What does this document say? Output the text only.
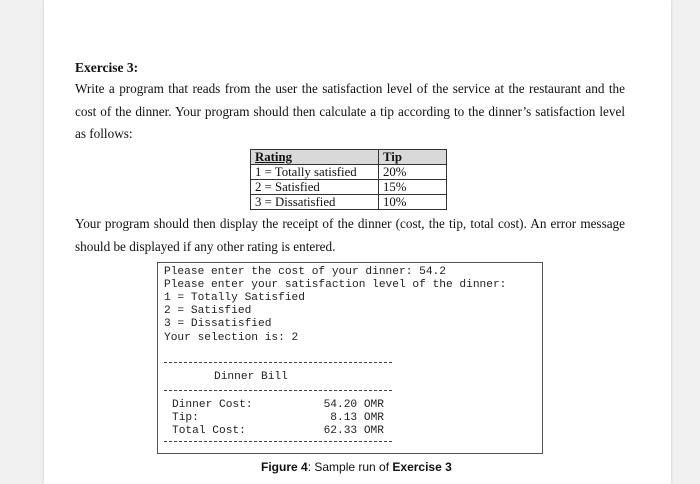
Exercise 3:
Write a program that reads from the user the satisfaction level of the service at the restaurant and the cost of the dinner. Your program should then calculate a tip according to the dinner’s satisfaction level as follows:
Rating	Tip
1 = Totally satisfied	20%
2 = Satisfied	15%
3 = Dissatisfied	10%
Your program should then display the receipt of the dinner (cost, the tip, total cost). An error message should be displayed if any other rating is entered.
Please enter the cost of your dinner: 54.2
Please enter your satisfaction level of the dinner:
1 = Totally Satisfied
2 = Satisfied
3 = Dissatisfied
Your selection is: 2
Dinner Bill
Dinner Cost:	54.20 OMR
Tip:	8.13 OMR
Total Cost:	62.33 OMR
Figure 4: Sample run of Exercise 3
